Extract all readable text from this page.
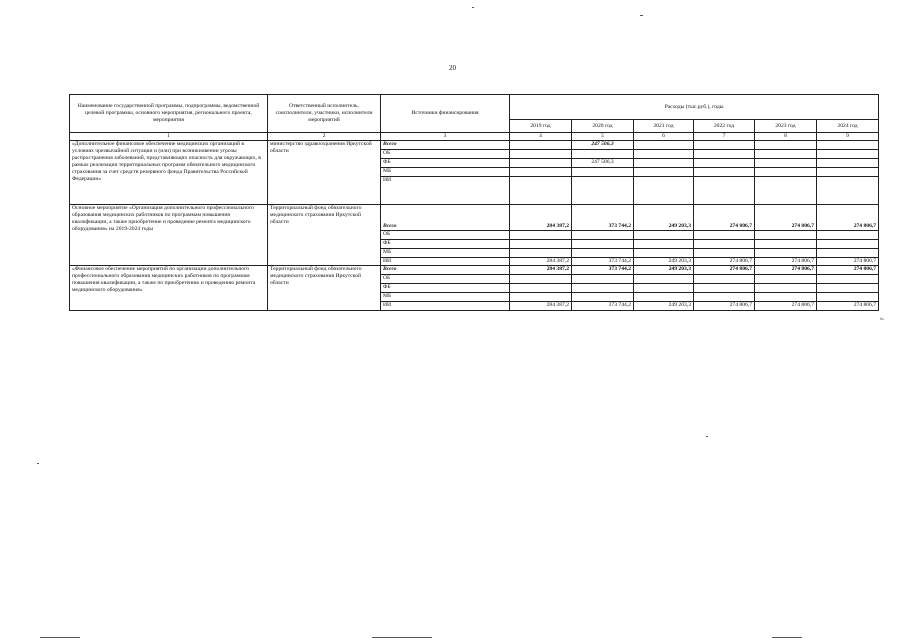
20
Наименование государственной программы, подпрограммы, ведомственной целевой программы, основного мероприятия, регионального проекта, мероприятия	Ответственный исполнитель, соисполнители, участники, исполнители мероприятий	Источники финансирования	Расходы (тыс.руб.), годы					
			2019 год	2020 год	2021 год	2022 год	2023 год	2024 год
1	2	3	4	5	6	7	8	9
«Дополнительное финансовое обеспечение медицинских организаций в условиях чрезвычайной ситуации и (или) при возникновении угрозы распространения заболеваний, представляющих опасность для окружающих, в рамках реализации территориальных программ обязательного медицинского страхования за счет средств резервного фонда Правительства Российской Федерации»	министерство здравоохранения Иркутской области	Всего		247 506,3				
		ОБ						
		ФБ		247 506,3				
		МБ						
		ИИ						
Основное мероприятие «Организация дополнительного профессионального образования медицинских работников по программам повышения квалификации, а также приобретение и проведение ремонта медицинского оборудования» на 2019-2024 годы	Территориальный фонд обязательного медицинского страхования Иркутской области	Всего	284 387,2	373 744,2	249 203,3	274 806,7	274 806,7	274 806,7
		ОБ						
		ФБ						
		МБ						
		ИИ	284 387,2	373 744,2	249 203,3	274 806,7	274 806,7	274 806,7
«Финансовое обеспечение мероприятий по организации дополнительного профессионального образования медицинских работников по программам повышения квалификации, а также по приобретению и проведению ремонта медицинского оборудования»	Территориальный фонд обязательного медицинского страхования Иркутской области	Всего	284 387,2	373 744,2	249 203,3	274 806,7	274 806,7	274 806,7
		ОБ						
		ФБ						
		МБ						
		ИИ	284 387,2	373 744,2	249 203,3	274 806,7	274 806,7	274 806,7
».
